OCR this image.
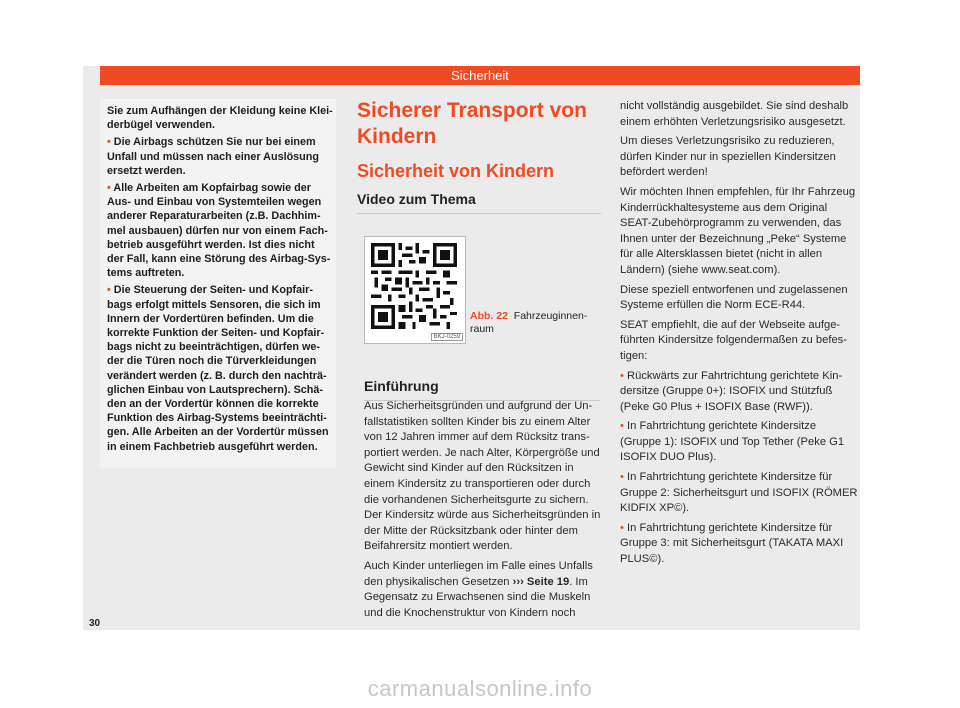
Sicherheit

Sie zum Aufhängen der Kleidung keine Kleiderbügel verwenden.

• Die Airbags schützen Sie nur bei einem Unfall und müssen nach einer Auslösung ersetzt werden.

• Alle Arbeiten am Kopfairbag sowie der Aus- und Einbau von Systemteilen wegen anderer Reparaturarbeiten (z.B. Dachhimmel ausbauen) dürfen nur von einem Fachbetrieb ausgeführt werden. Ist dies nicht der Fall, kann eine Störung des Airbag-Systems auftreten.

• Die Steuerung der Seiten- und Kopfairbags erfolgt mittels Sensoren, die sich im Innern der Vordertüren befinden. Um die korrekte Funktion der Seiten- und Kopfairbags nicht zu beeinträchtigen, dürfen weder die Türen noch die Türverkleidungen verändert werden (z. B. durch den nachträglichen Einbau von Lautsprechern). Schäden an der Vordertür können die korrekte Funktion des Airbag-Systems beeinträchtigen. Alle Arbeiten an der Vordertür müssen in einem Fachbetrieb ausgeführt werden.

Sicherer Transport von Kindern
Sicherheit von Kindern
Video zum Thema
BKJ-0259
Abb. 22 Fahrzeuginnenraum
Einführung

Aus Sicherheitsgründen und aufgrund der Unfallstatistiken sollten Kinder bis zu einem Alter von 12 Jahren immer auf dem Rücksitz transportiert werden. Je nach Alter, Körpergröße und Gewicht sind Kinder auf den Rücksitzen in einem Kindersitz zu transportieren oder durch die vorhandenen Sicherheitsgurte zu sichern. Der Kindersitz würde aus Sicherheitsgründen in der Mitte der Rücksitzbank oder hinter dem Beifahrersitz montiert werden.

Auch Kinder unterliegen im Falle eines Unfalls den physikalischen Gesetzen ››› Seite 19. Im Gegensatz zu Erwachsenen sind die Muskeln und die Knochenstruktur von Kindern noch

nicht vollständig ausgebildet. Sie sind deshalb einem erhöhten Verletzungsrisiko ausgesetzt.

Um dieses Verletzungsrisiko zu reduzieren, dürfen Kinder nur in speziellen Kindersitzen befördert werden!

Wir möchten Ihnen empfehlen, für Ihr Fahrzeug Kinderrückhaltesysteme aus dem Original SEAT-Zubehörprogramm zu verwenden, das Ihnen unter der Bezeichnung „Peke“ Systeme für alle Altersklassen bietet (nicht in allen Ländern) (siehe www.seat.com).

Diese speziell entworfenen und zugelassenen Systeme erfüllen die Norm ECE-R44.

SEAT empfiehlt, die auf der Webseite aufgeführten Kindersitze folgendermaßen zu befestigen:

• Rückwärts zur Fahrtrichtung gerichtete Kindersitze (Gruppe 0+): ISOFIX und Stützfuß (Peke G0 Plus + ISOFIX Base (RWF)).

• In Fahrtrichtung gerichtete Kindersitze (Gruppe 1): ISOFIX und Top Tether (Peke G1 ISOFIX DUO Plus).

• In Fahrtrichtung gerichtete Kindersitze für Gruppe 2: Sicherheitsgurt und ISOFIX (RÖMER KIDFIX XP©).

• In Fahrtrichtung gerichtete Kindersitze für Gruppe 3: mit Sicherheitsgurt (TAKATA MAXI PLUS©).

30
carmanualsonline.info
